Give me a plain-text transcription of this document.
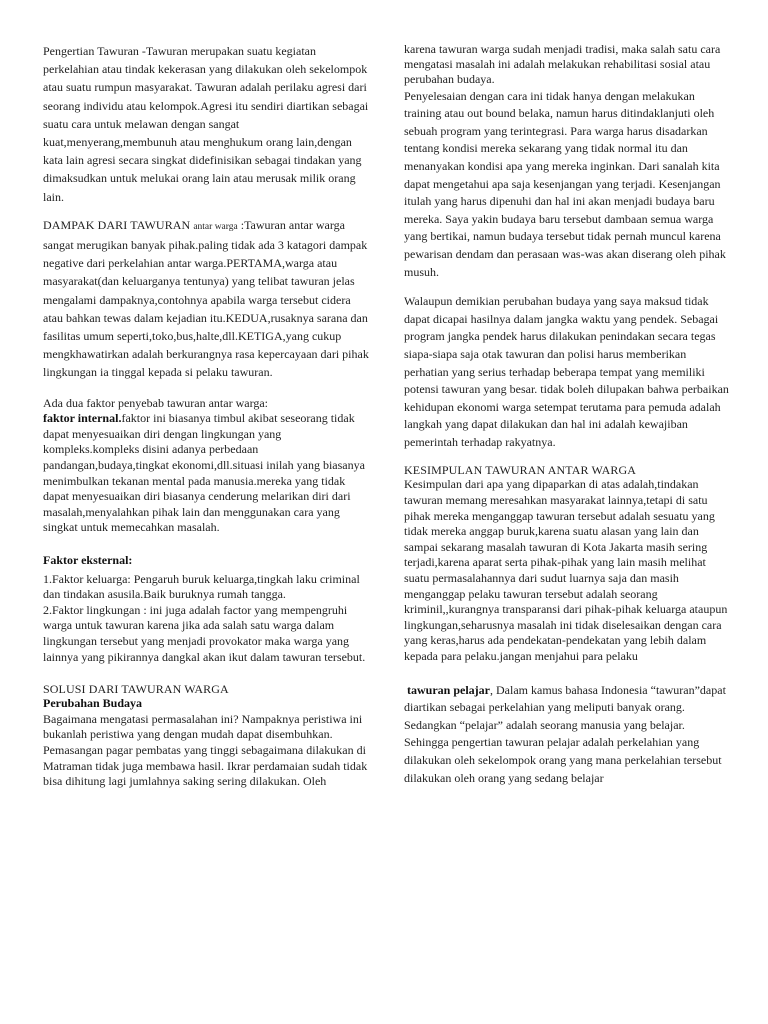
Pengertian Tawuran -Tawuran merupakan suatu kegiatan perkelahian atau tindak kekerasan yang dilakukan oleh sekelompok atau suatu rumpun masyarakat. Tawuran adalah perilaku agresi dari seorang individu atau kelompok.Agresi itu sendiri diartikan sebagai suatu cara untuk melawan dengan sangat kuat,menyerang,membunuh atau menghukum orang lain,dengan kata lain agresi secara singkat didefinisikan sebagai tindakan yang dimaksudkan untuk melukai orang lain atau merusak milik orang lain.

DAMPAK DARI TAWURAN antar warga :Tawuran antar warga sangat merugikan banyak pihak.paling tidak ada 3 katagori dampak negative dari perkelahian antar warga.PERTAMA,warga atau masyarakat(dan keluarganya tentunya) yang telibat tawuran jelas mengalami dampaknya,contohnya apabila warga tersebut cidera atau bahkan tewas dalam kejadian itu.KEDUA,rusaknya sarana dan fasilitas umum seperti,toko,bus,halte,dll.KETIGA,yang cukup mengkhawatirkan adalah berkurangnya rasa kepercayaan dari pihak lingkungan ia tinggal kepada si pelaku tawuran.

Ada dua faktor penyebab tawuran antar warga:

faktor internal.faktor ini biasanya timbul akibat seseorang tidak dapat menyesuaikan diri dengan lingkungan yang kompleks.kompleks disini adanya perbedaan pandangan,budaya,tingkat ekonomi,dll.situasi inilah yang biasanya menimbulkan tekanan mental pada manusia.mereka yang tidak dapat menyesuaikan diri biasanya cenderung melarikan diri dari masalah,menyalahkan pihak lain dan menggunakan cara yang singkat untuk memecahkan masalah.

Faktor eksternal:

1.Faktor keluarga: Pengaruh buruk keluarga,tingkah laku criminal dan tindakan asusila.Baik buruknya rumah tangga.

2.Faktor lingkungan : ini juga adalah factor yang mempengruhi warga untuk tawuran karena jika ada salah satu warga dalam lingkungan tersebut yang menjadi provokator maka warga yang lainnya yang pikirannya dangkal akan ikut dalam tawuran tersebut.

SOLUSI DARI TAWURAN WARGA

Perubahan Budaya

Bagaimana mengatasi permasalahan ini? Nampaknya peristiwa ini bukanlah peristiwa yang dengan mudah dapat disembuhkan. Pemasangan pagar pembatas yang tinggi sebagaimana dilakukan di Matraman tidak juga membawa hasil. Ikrar perdamaian sudah tidak bisa dihitung lagi jumlahnya saking sering dilakukan. Oleh

karena tawuran warga sudah menjadi tradisi, maka salah satu cara mengatasi masalah ini adalah melakukan rehabilitasi sosial atau perubahan budaya.

Penyelesaian dengan cara ini tidak hanya dengan melakukan training atau out bound belaka, namun harus ditindaklanjuti oleh sebuah program yang terintegrasi. Para warga harus disadarkan tentang kondisi mereka sekarang yang tidak normal itu dan menanyakan kondisi apa yang mereka inginkan. Dari sanalah kita dapat mengetahui apa saja kesenjangan yang terjadi. Kesenjangan itulah yang harus dipenuhi dan hal ini akan menjadi budaya baru mereka. Saya yakin budaya baru tersebut dambaan semua warga yang bertikai, namun budaya tersebut tidak pernah muncul karena pewarisan dendam dan perasaan was-was akan diserang oleh pihak musuh.

Walaupun demikian perubahan budaya yang saya maksud tidak dapat dicapai hasilnya dalam jangka waktu yang pendek. Sebagai program jangka pendek harus dilakukan penindakan secara tegas siapa-siapa saja otak tawuran dan polisi harus memberikan perhatian yang serius terhadap beberapa tempat yang memiliki potensi tawuran yang besar. tidak boleh dilupakan bahwa perbaikan kehidupan ekonomi warga setempat terutama para pemuda adalah langkah yang dapat dilakukan dan hal ini adalah kewajiban pemerintah terhadap rakyatnya.

KESIMPULAN TAWURAN ANTAR WARGA

Kesimpulan dari apa yang dipaparkan di atas adalah,tindakan tawuran memang meresahkan masyarakat lainnya,tetapi di satu pihak mereka menganggap tawuran tersebut adalah sesuatu yang tidak mereka anggap buruk,karena suatu alasan yang lain dan sampai sekarang masalah tawuran di Kota Jakarta masih sering terjadi,karena aparat serta pihak-pihak yang lain masih melihat suatu permasalahannya dari sudut luarnya saja dan masih menganggap pelaku tawuran tersebut adalah seorang kriminil,,kurangnya transparansi dari pihak-pihak keluarga ataupun lingkungan,seharusnya masalah ini tidak diselesaikan dengan cara yang keras,harus ada pendekatan-pendekatan yang lebih dalam kepada para pelaku.jangan menjahui para pelaku

tawuran pelajar, Dalam kamus bahasa Indonesia “tawuran”dapat diartikan sebagai perkelahian yang meliputi banyak orang. Sedangkan “pelajar” adalah seorang manusia yang belajar. Sehingga pengertian tawuran pelajar adalah perkelahian yang dilakukan oleh sekelompok orang yang mana perkelahian tersebut dilakukan oleh orang yang sedang belajar
